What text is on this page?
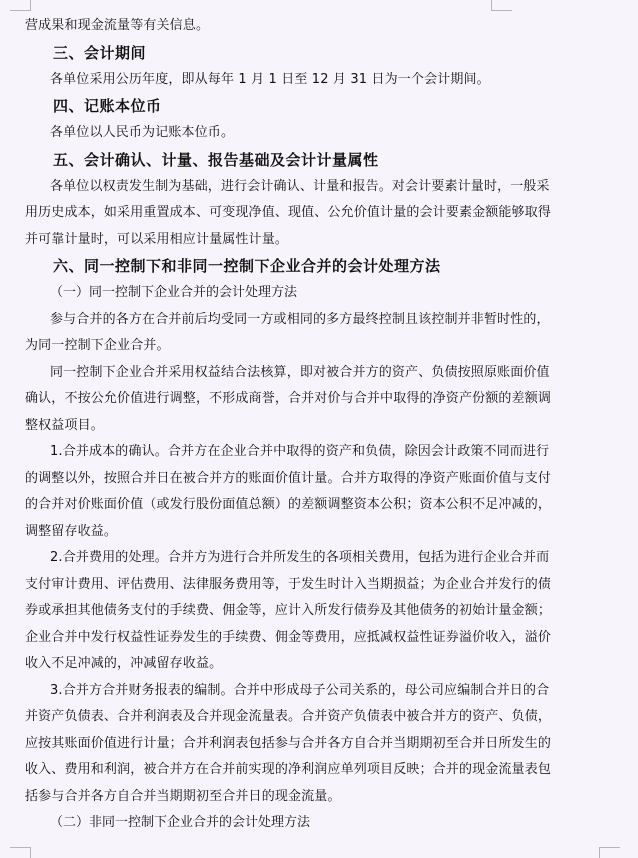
营成果和现金流量等有关信息。
三、会计期间
各单位采用公历年度，即从每年 1 月 1 日至 12 月 31 日为一个会计期间。
四、记账本位币
各单位以人民币为记账本位币。
五、会计确认、计量、报告基础及会计计量属性
各单位以权责发生制为基础，进行会计确认、计量和报告。对会计要素计量时，一般采
用历史成本，如采用重置成本、可变现净值、现值、公允价值计量的会计要素金额能够取得
并可靠计量时，可以采用相应计量属性计量。
六、同一控制下和非同一控制下企业合并的会计处理方法
（一）同一控制下企业合并的会计处理方法
参与合并的各方在合并前后均受同一方或相同的多方最终控制且该控制并非暂时性的，
为同一控制下企业合并。
同一控制下企业合并采用权益结合法核算，即对被合并方的资产、负债按照原账面价值
确认，不按公允价值进行调整，不形成商誉，合并对价与合并中取得的净资产份额的差额调
整权益项目。
1.合并成本的确认。合并方在企业合并中取得的资产和负债，除因会计政策不同而进行
的调整以外，按照合并日在被合并方的账面价值计量。合并方取得的净资产账面价值与支付
的合并对价账面价值（或发行股份面值总额）的差额调整资本公积；资本公积不足冲减的，
调整留存收益。
2.合并费用的处理。合并方为进行合并所发生的各项相关费用，包括为进行企业合并而
支付审计费用、评估费用、法律服务费用等，于发生时计入当期损益；为企业合并发行的债
券或承担其他债务支付的手续费、佣金等，应计入所发行债券及其他债务的初始计量金额；
企业合并中发行权益性证券发生的手续费、佣金等费用，应抵减权益性证券溢价收入，溢价
收入不足冲减的，冲减留存收益。
3.合并方合并财务报表的编制。合并中形成母子公司关系的，母公司应编制合并日的合
并资产负债表、合并利润表及合并现金流量表。合并资产负债表中被合并方的资产、负债，
应按其账面价值进行计量；合并利润表包括参与合并各方自合并当期期初至合并日所发生的
收入、费用和利润，被合并方在合并前实现的净利润应单列项目反映；合并的现金流量表包
括参与合并各方自合并当期期初至合并日的现金流量。
（二）非同一控制下企业合并的会计处理方法
